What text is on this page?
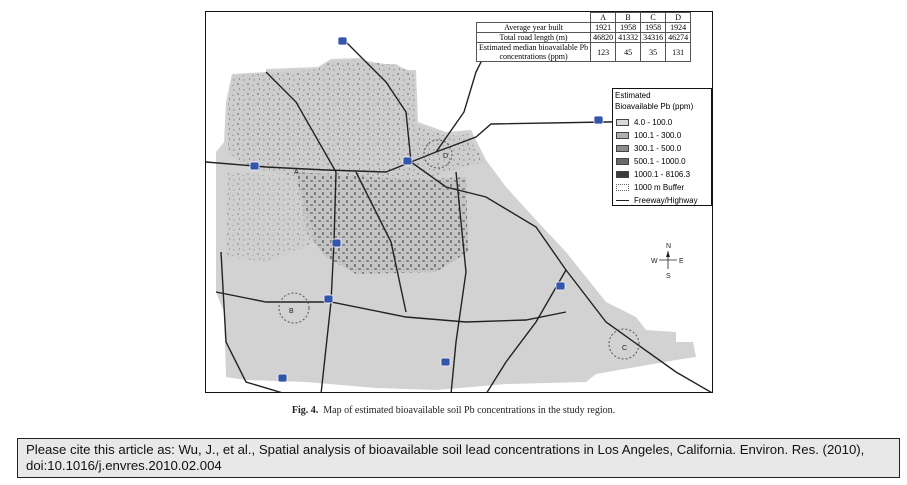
A
B
C
D
N
S
E
W
	A	B	C	D
Average year built	1921	1958	1958	1924
Total road length (m)	46820	41332	34316	46274
Estimated median bioavailable Pb
concentrations (ppm)	123	45	35	131
Estimated
Bioavailable Pb (ppm)
4.0 - 100.0
100.1 - 300.0
300.1 - 500.0
500.1 - 1000.0
1000.1 - 8106.3
1000 m Buffer
Freeway/Highway
Fig. 4. Map of estimated bioavailable soil Pb concentrations in the study region.
Please cite this article as: Wu, J., et al., Spatial analysis of bioavailable soil lead concentrations in Los Angeles, California. Environ. Res. (2010), doi:10.1016/j.envres.2010.02.004
